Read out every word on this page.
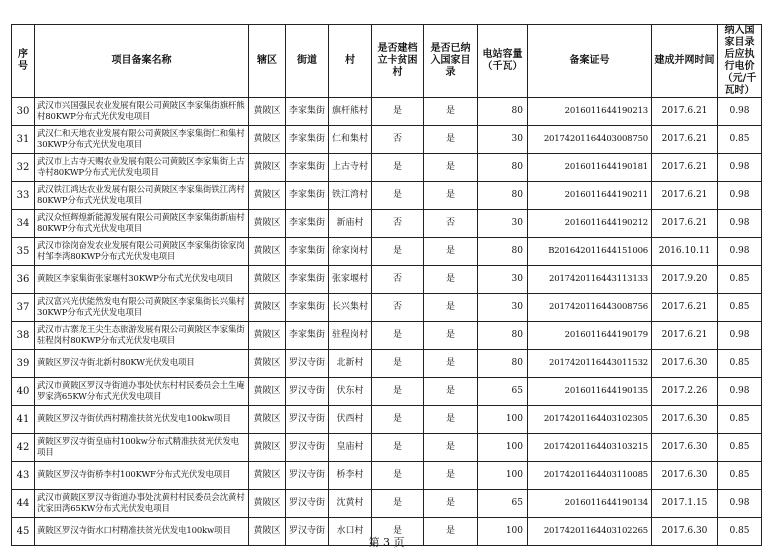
序号	项目备案名称	辖区	街道	村	是否建档立卡贫困村	是否已纳入国家目录	电站容量（千瓦）	备案证号	建成并网时间	纳入国家目录后应执行电价（元/千瓦时）
30	武汉市兴国强民农业发展有限公司黄陂区李家集街旗杆熊村80KWP分布式光伏发电项目	黄陂区	李家集街	旗杆熊村	是	是	80	2016011644190213	2017.6.21	0.98
31	武汉仁和天地农业发展有限公司黄陂区李家集街仁和集村30KWP分布式光伏发电项目	黄陂区	李家集街	仁和集村	否	是	30	20174201164403008750	2017.6.21	0.85
32	武汉市上古寺天赐农业发展有限公司黄陂区李家集街上古寺村80KWP分布式光伏发电项目	黄陂区	李家集街	上古寺村	是	是	80	2016011644190181	2017.6.21	0.98
33	武汉铁江鸿达农业发展有限公司黄陂区李家集街铁江湾村80KWP分布式光伏发电项目	黄陂区	李家集街	铁江湾村	是	是	80	2016011644190211	2017.6.21	0.98
34	武汉众恒辉煌新能源发展有限公司黄陂区李家集街新庙村80KWP分布式光伏发电项目	黄陂区	李家集街	新庙村	否	否	30	2016011644190212	2017.6.21	0.98
35	武汉市徐岗奋发农业发展有限公司黄陂区李家集街徐家岗村邹李湾80KWP分布式光伏发电项目	黄陂区	李家集街	徐家岗村	是	是	80	B201642011644151006	2016.10.11	0.98
36	黄陂区李家集街张家堰村30KWP分布式光伏发电项目	黄陂区	李家集街	张家堰村	否	是	30	2017420116443113133	2017.9.20	0.85
37	武汉富兴光伏能然发电有限公司黄陂区李家集街长兴集村30KWP分布式光伏发电项目	黄陂区	李家集街	长兴集村	否	是	30	2017420116443008756	2017.6.21	0.85
38	武汉市古寨龙王尖生态旅游发展有限公司黄陂区李家集街驻程岗村80KWP分布式光伏发电项目	黄陂区	李家集街	驻程岗村	是	是	80	2016011644190179	2017.6.21	0.98
39	黄陂区罗汉寺街北新村80KW光伏发电项目	黄陂区	罗汉寺街	北新村	是	是	80	2017420116443011532	2017.6.30	0.85
40	武汉市黄陂区罗汉寺街道办事处伏东村村民委员会土生庵罗家湾65KW分布式光伏发电项目	黄陂区	罗汉寺街	伏东村	是	是	65	2016011644190135	2017.2.26	0.98
41	黄陂区罗汉寺街伏西村精准扶贫光伏发电100kw项目	黄陂区	罗汉寺街	伏西村	是	是	100	20174201164403102305	2017.6.30	0.85
42	黄陂区罗汉寺街皇庙村100kw分布式精准扶贫光伏发电项目	黄陂区	罗汉寺街	皇庙村	是	是	100	20174201164403103215	2017.6.30	0.85
43	黄陂区罗汉寺街桥李村100KWF分布式光伏发电项目	黄陂区	罗汉寺街	桥李村	是	是	100	20174201164403110085	2017.6.30	0.85
44	武汉市黄陂区罗汉寺街道办事处沈黄村村民委员会沈黄村沈家田湾65KW分布式光伏发电项目	黄陂区	罗汉寺街	沈黄村	是	是	65	2016011644190134	2017.1.15	0.98
45	黄陂区罗汉寺街水口村精准扶贫光伏发电100kw项目	黄陂区	罗汉寺街	水口村	是	是	100	20174201164403102265	2017.6.30	0.85
第 3 页
